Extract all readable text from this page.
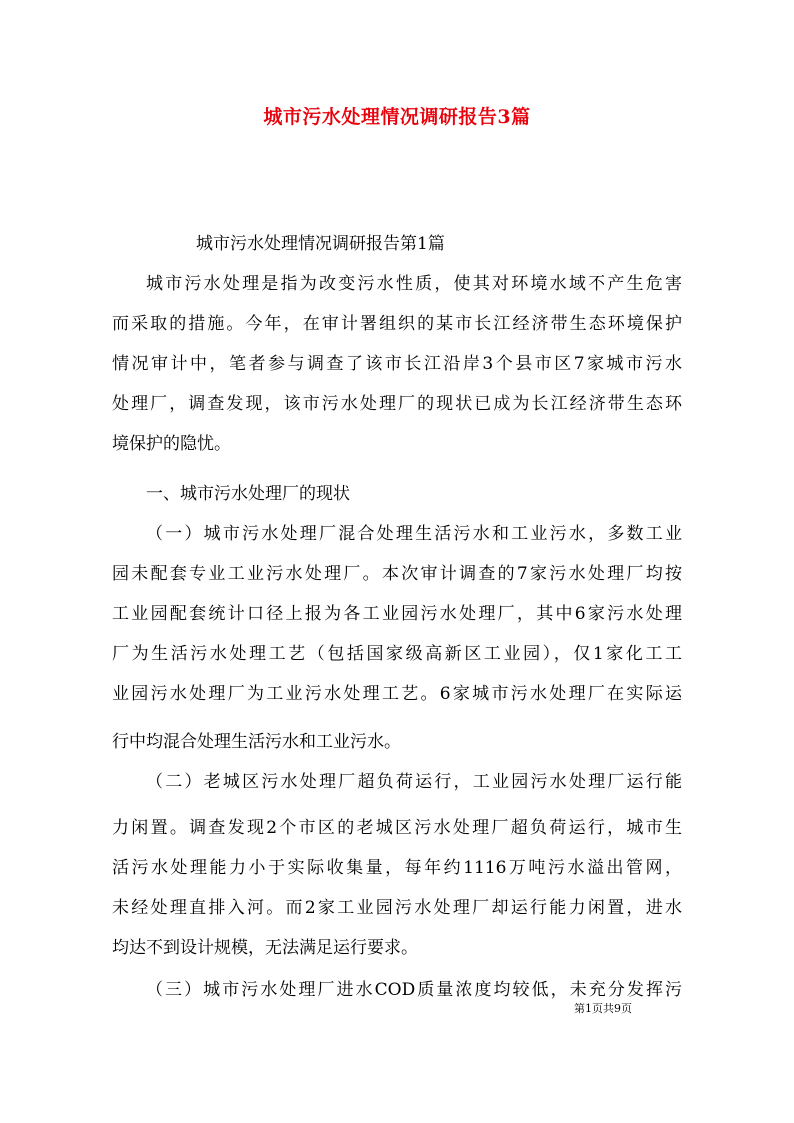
城市污水处理情况调研报告3篇
城市污水处理情况调研报告第1篇
城市污水处理是指为改变污水性质，使其对环境水域不产生危害
而采取的措施。今年，在审计署组织的某市长江经济带生态环境保护
情况审计中，笔者参与调查了该市长江沿岸3个县市区7家城市污水
处理厂，调查发现，该市污水处理厂的现状已成为长江经济带生态环
境保护的隐忧。
一、城市污水处理厂的现状
（一）城市污水处理厂混合处理生活污水和工业污水，多数工业
园未配套专业工业污水处理厂。本次审计调查的7家污水处理厂均按
工业园配套统计口径上报为各工业园污水处理厂，其中6家污水处理
厂为生活污水处理工艺（包括国家级高新区工业园），仅1家化工工
业园污水处理厂为工业污水处理工艺。6家城市污水处理厂在实际运
行中均混合处理生活污水和工业污水。
（二）老城区污水处理厂超负荷运行，工业园污水处理厂运行能
力闲置。调查发现2个市区的老城区污水处理厂超负荷运行，城市生
活污水处理能力小于实际收集量，每年约1116万吨污水溢出管网，
未经处理直排入河。而2家工业园污水处理厂却运行能力闲置，进水
均达不到设计规模，无法满足运行要求。
（三）城市污水处理厂进水COD质量浓度均较低，未充分发挥污
第1页共9页
